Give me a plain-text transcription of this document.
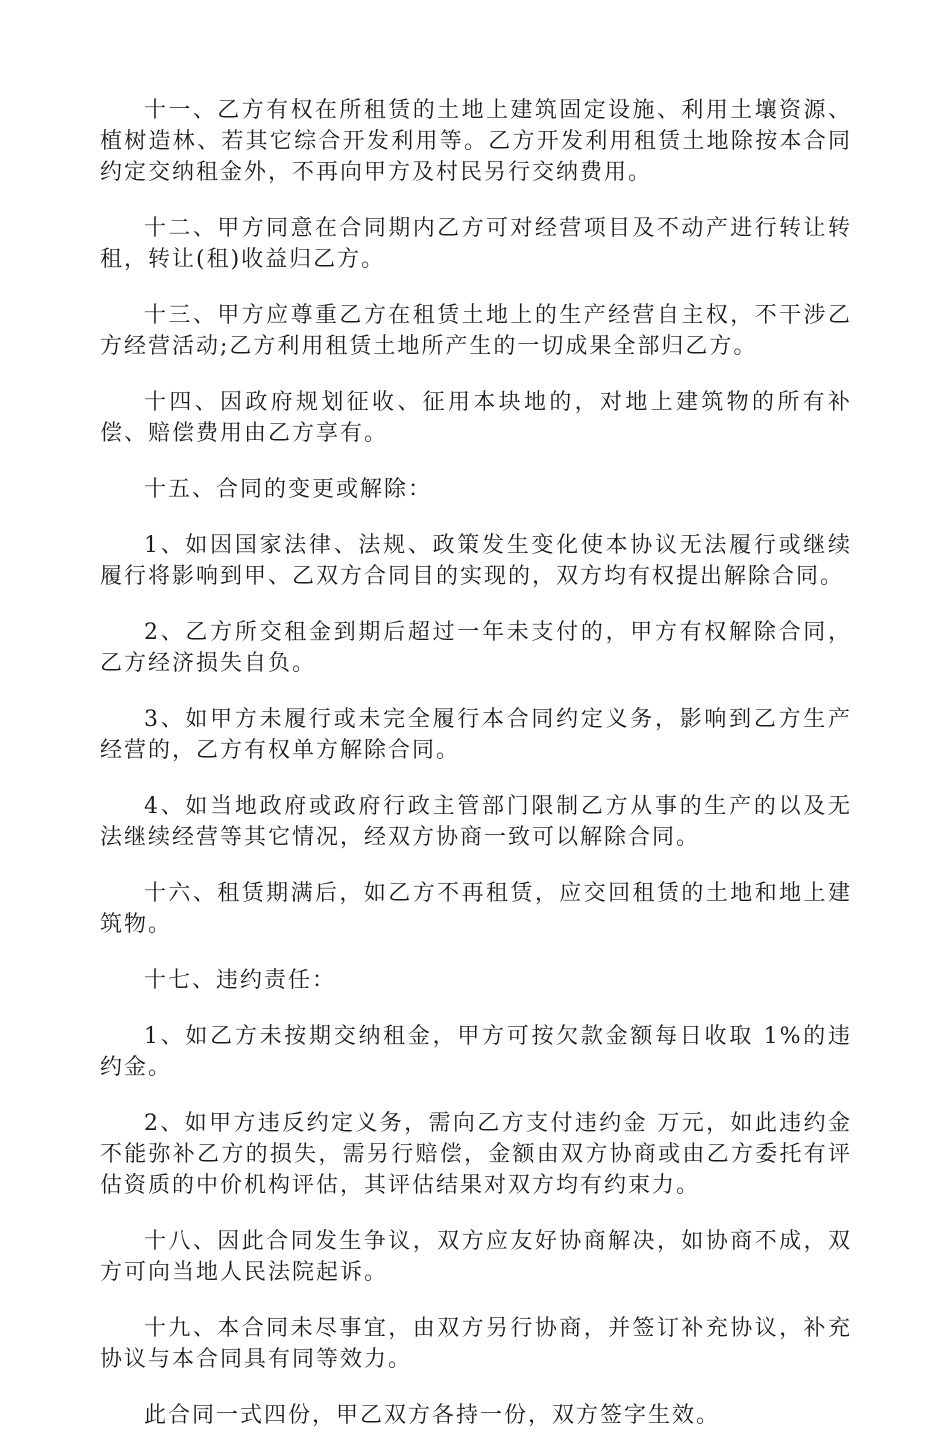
十一、乙方有权在所租赁的土地上建筑固定设施、利用土壤资源、植树造林、若其它综合开发利用等。乙方开发利用租赁土地除按本合同约定交纳租金外，不再向甲方及村民另行交纳费用。

十二、甲方同意在合同期内乙方可对经营项目及不动产进行转让转租，转让(租)收益归乙方。

十三、甲方应尊重乙方在租赁土地上的生产经营自主权，不干涉乙方经营活动;乙方利用租赁土地所产生的一切成果全部归乙方。

十四、因政府规划征收、征用本块地的，对地上建筑物的所有补偿、赔偿费用由乙方享有。

十五、合同的变更或解除：

1、如因国家法律、法规、政策发生变化使本协议无法履行或继续履行将影响到甲、乙双方合同目的实现的，双方均有权提出解除合同。

2、乙方所交租金到期后超过一年未支付的，甲方有权解除合同，乙方经济损失自负。

3、如甲方未履行或未完全履行本合同约定义务，影响到乙方生产经营的，乙方有权单方解除合同。

4、如当地政府或政府行政主管部门限制乙方从事的生产的以及无法继续经营等其它情况，经双方协商一致可以解除合同。

十六、租赁期满后，如乙方不再租赁，应交回租赁的土地和地上建筑物。

十七、违约责任：

1、如乙方未按期交纳租金，甲方可按欠款金额每日收取 1%的违约金。

2、如甲方违反约定义务，需向乙方支付违约金 万元，如此违约金不能弥补乙方的损失，需另行赔偿，金额由双方协商或由乙方委托有评估资质的中价机构评估，其评估结果对双方均有约束力。

十八、因此合同发生争议，双方应友好协商解决，如协商不成，双方可向当地人民法院起诉。

十九、本合同未尽事宜，由双方另行协商，并签订补充协议，补充协议与本合同具有同等效力。

此合同一式四份，甲乙双方各持一份，双方签字生效。
